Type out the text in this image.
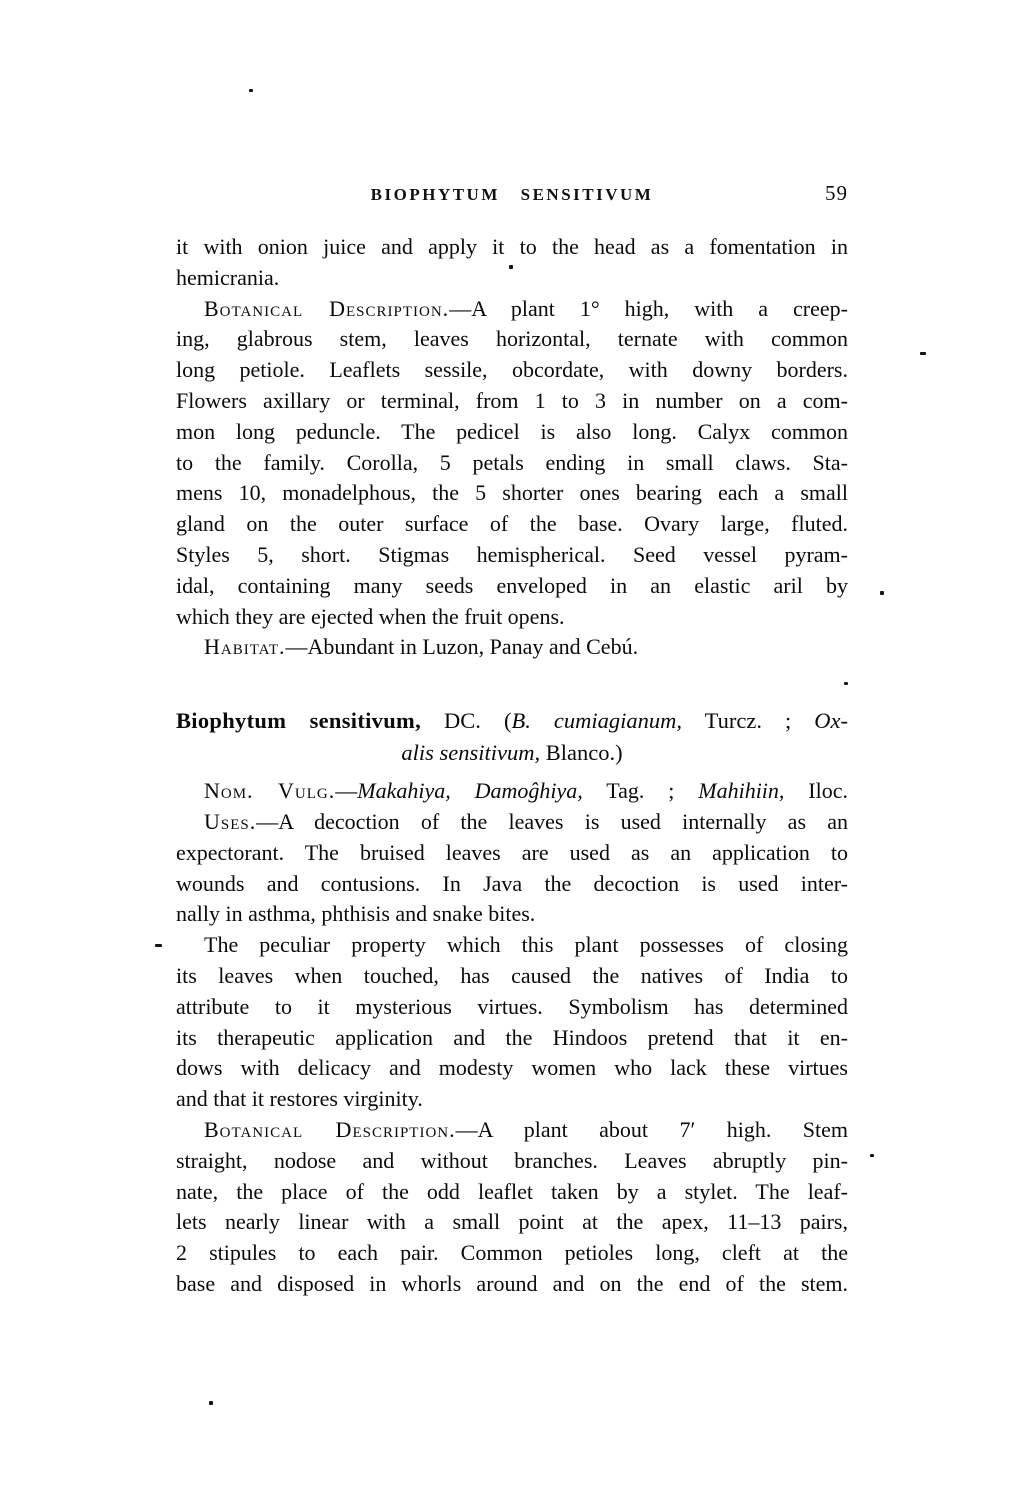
BIOPHYTUM SENSITIVUM	59
it with onion juice and apply it to the head as a fomentation in
hemicrania.
Botanical Description.—A plant 1° high, with a creep-
ing, glabrous stem, leaves horizontal, ternate with common
long petiole. Leaflets sessile, obcordate, with downy borders.
Flowers axillary or terminal, from 1 to 3 in number on a com-
mon long peduncle. The pedicel is also long. Calyx common
to the family. Corolla, 5 petals ending in small claws. Sta-
mens 10, monadelphous, the 5 shorter ones bearing each a small
gland on the outer surface of the base. Ovary large, fluted.
Styles 5, short. Stigmas hemispherical. Seed vessel pyram-
idal, containing many seeds enveloped in an elastic aril by
which they are ejected when the fruit opens.
Habitat.—Abundant in Luzon, Panay and Cebú.
Biophytum sensitivum, DC. (B. cumiagianum, Turcz. ; Ox-
alis sensitivum, Blanco.)
Nom. Vulg.—Makahiya, Damoĝhiya, Tag. ; Mahihiin, Iloc.
Uses.—A decoction of the leaves is used internally as an
expectorant. The bruised leaves are used as an application to
wounds and contusions. In Java the decoction is used inter-
nally in asthma, phthisis and snake bites.
The peculiar property which this plant possesses of closing
its leaves when touched, has caused the natives of India to
attribute to it mysterious virtues. Symbolism has determined
its therapeutic application and the Hindoos pretend that it en-
dows with delicacy and modesty women who lack these virtues
and that it restores virginity.
Botanical Description.—A plant about 7′ high. Stem
straight, nodose and without branches. Leaves abruptly pin-
nate, the place of the odd leaflet taken by a stylet. The leaf-
lets nearly linear with a small point at the apex, 11–13 pairs,
2 stipules to each pair. Common petioles long, cleft at the
base and disposed in whorls around and on the end of the stem.
